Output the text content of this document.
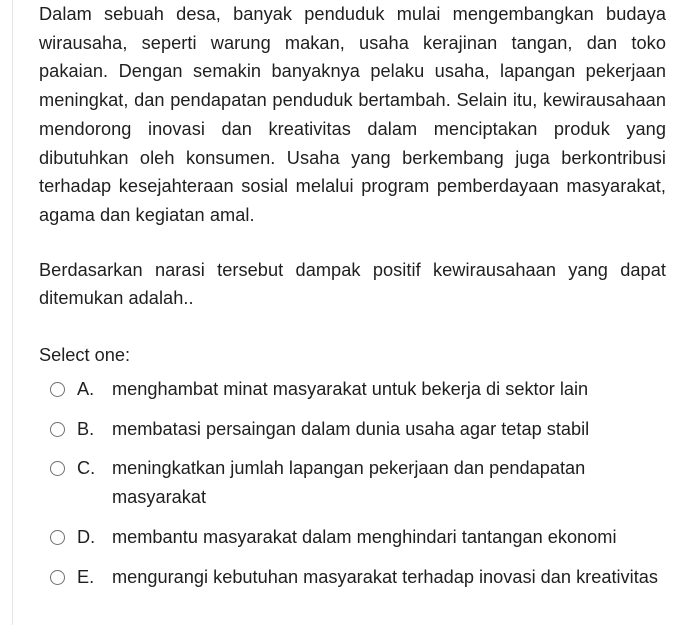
Dalam sebuah desa, banyak penduduk mulai mengembangkan budaya wirausaha, seperti warung makan, usaha kerajinan tangan, dan toko pakaian. Dengan semakin banyaknya pelaku usaha, lapangan pekerjaan meningkat, dan pendapatan penduduk bertambah. Selain itu, kewirausahaan mendorong inovasi dan kreativitas dalam menciptakan produk yang dibutuhkan oleh konsumen. Usaha yang berkembang juga berkontribusi terhadap kesejahteraan sosial melalui program pemberdayaan masyarakat, agama dan kegiatan amal.

Berdasarkan narasi tersebut dampak positif kewirausahaan yang dapat ditemukan adalah..

Select one:
A. menghambat minat masyarakat untuk bekerja di sektor lain
B. membatasi persaingan dalam dunia usaha agar tetap stabil
C. meningkatkan jumlah lapangan pekerjaan dan pendapatan masyarakat
D. membantu masyarakat dalam menghindari tantangan ekonomi
E. mengurangi kebutuhan masyarakat terhadap inovasi dan kreativitas
